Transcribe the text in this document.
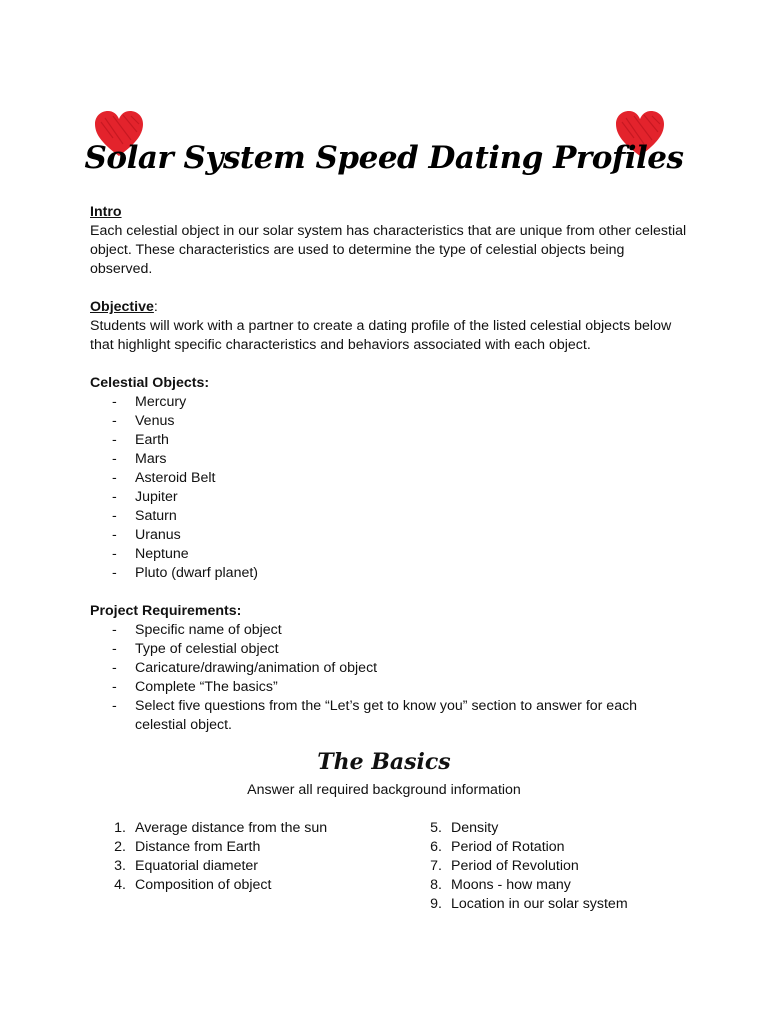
Solar System Speed Dating Profiles
Intro

Each celestial object in our solar system has characteristics that are unique from other celestial object. These characteristics are used to determine the type of celestial objects being observed.

Objective:

Students will work with a partner to create a dating profile of the listed celestial objects below that highlight specific characteristics and behaviors associated with each object.

Celestial Objects:
- Mercury
- Venus
- Earth
- Mars
- Asteroid Belt
- Jupiter
- Saturn
- Uranus
- Neptune
- Pluto (dwarf planet)
Project Requirements:
- Specific name of object
- Type of celestial object
- Caricature/drawing/animation of object
- Complete “The basics”
- Select five questions from the “Let’s get to know you” section to answer for each celestial object.
The Basics
Answer all required background information
1. Average distance from the sun
2. Distance from Earth
3. Equatorial diameter
4. Composition of object
5. Density
6. Period of Rotation
7. Period of Revolution
8. Moons - how many
9. Location in our solar system
